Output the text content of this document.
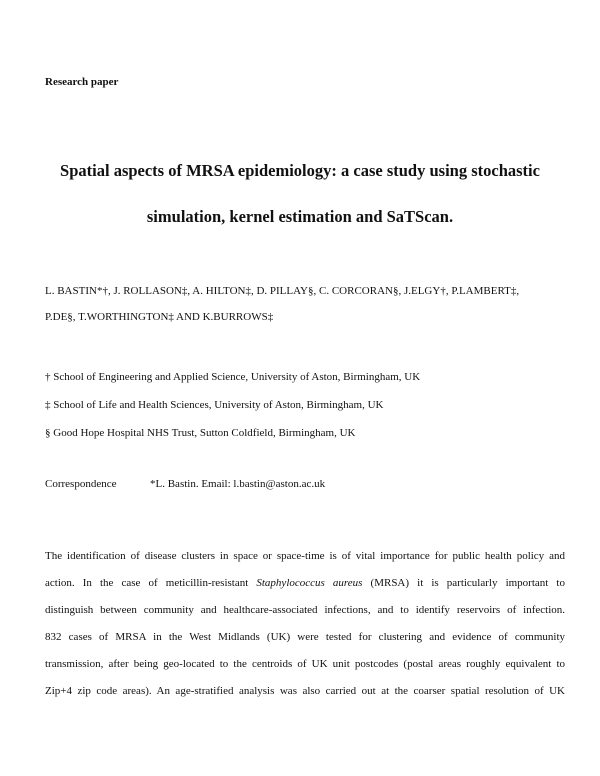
Research paper
Spatial aspects of MRSA epidemiology: a case study using stochastic
simulation, kernel estimation and SaTScan.
L. BASTIN*†, J. ROLLASON‡, A. HILTON‡, D. PILLAY§, C. CORCORAN§, J.ELGY†, P.LAMBERT‡,
P.DE§, T.WORTHINGTON‡ AND K.BURROWS‡
† School of Engineering and Applied Science, University of Aston, Birmingham, UK
‡ School of Life and Health Sciences, University of Aston, Birmingham, UK
§ Good Hope Hospital NHS Trust, Sutton Coldfield, Birmingham, UK
Correspondence	*L. Bastin. Email: l.bastin@aston.ac.uk
The identification of disease clusters in space or space-time is of vital importance for public health policy and
action. In the case of meticillin-resistant Staphylococcus aureus (MRSA) it is particularly important to
distinguish between community and healthcare-associated infections, and to identify reservoirs of infection.
832 cases of MRSA in the West Midlands (UK) were tested for clustering and evidence of community
transmission, after being geo-located to the centroids of UK unit postcodes (postal areas roughly equivalent to
Zip+4 zip code areas). An age-stratified analysis was also carried out at the coarser spatial resolution of UK
